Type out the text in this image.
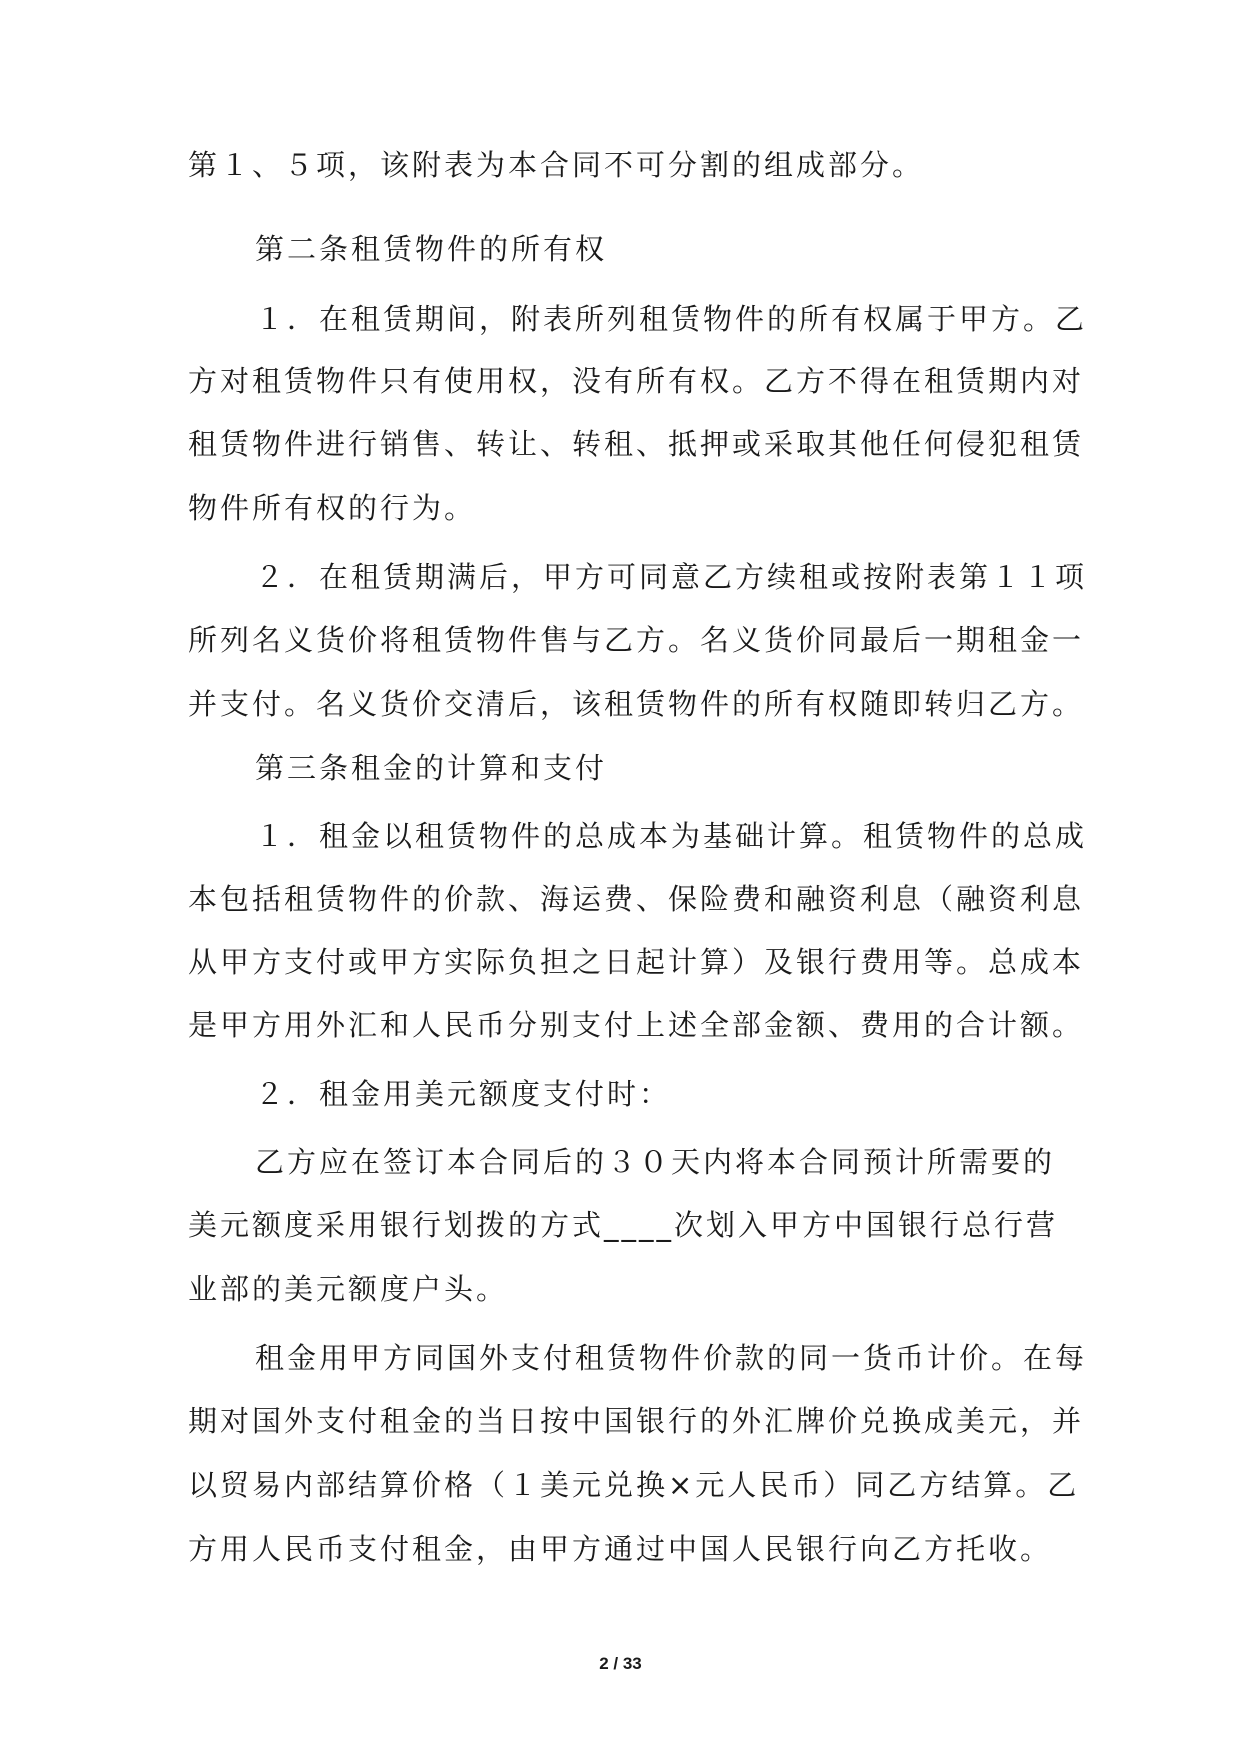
第１、５项，该附表为本合同不可分割的组成部分。
第二条租赁物件的所有权
１．在租赁期间，附表所列租赁物件的所有权属于甲方。乙
方对租赁物件只有使用权，没有所有权。乙方不得在租赁期内对
租赁物件进行销售、转让、转租、抵押或采取其他任何侵犯租赁
物件所有权的行为。
２．在租赁期满后，甲方可同意乙方续租或按附表第１１项
所列名义货价将租赁物件售与乙方。名义货价同最后一期租金一
并支付。名义货价交清后，该租赁物件的所有权随即转归乙方。
第三条租金的计算和支付
１．租金以租赁物件的总成本为基础计算。租赁物件的总成
本包括租赁物件的价款、海运费、保险费和融资利息（融资利息
从甲方支付或甲方实际负担之日起计算）及银行费用等。总成本
是甲方用外汇和人民币分别支付上述全部金额、费用的合计额。
２．租金用美元额度支付时：
乙方应在签订本合同后的３０天内将本合同预计所需要的
美元额度采用银行划拨的方式____次划入甲方中国银行总行营
业部的美元额度户头。
租金用甲方同国外支付租赁物件价款的同一货币计价。在每
期对国外支付租金的当日按中国银行的外汇牌价兑换成美元，并
以贸易内部结算价格（１美元兑换×元人民币）同乙方结算。乙
方用人民币支付租金，由甲方通过中国人民银行向乙方托收。
2 / 33
